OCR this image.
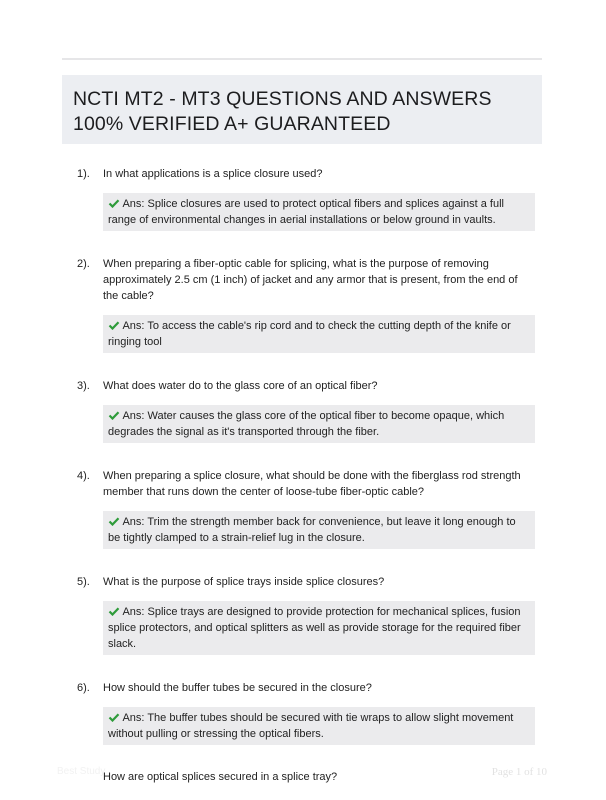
NCTI MT2 - MT3 QUESTIONS AND ANSWERS
100% VERIFIED A+ GUARANTEED
1). In what applications is a splice closure used?
Ans: Splice closures are used to protect optical fibers and splices against a full range of environmental changes in aerial installations or below ground in vaults.
2). When preparing a fiber-optic cable for splicing, what is the purpose of removing approximately 2.5 cm (1 inch) of jacket and any armor that is present, from the end of the cable?
Ans: To access the cable's rip cord and to check the cutting depth of the knife or ringing tool
3). What does water do to the glass core of an optical fiber?
Ans: Water causes the glass core of the optical fiber to become opaque, which degrades the signal as it's transported through the fiber.
4). When preparing a splice closure, what should be done with the fiberglass rod strength member that runs down the center of loose-tube fiber-optic cable?
Ans: Trim the strength member back for convenience, but leave it long enough to be tightly clamped to a strain-relief lug in the closure.
5). What is the purpose of splice trays inside splice closures?
Ans: Splice trays are designed to provide protection for mechanical splices, fusion splice protectors, and optical splitters as well as provide storage for the required fiber slack.
6). How should the buffer tubes be secured in the closure?
Ans: The buffer tubes should be secured with tie wraps to allow slight movement without pulling or stressing the optical fibers.
How are optical splices secured in a splice tray?
Best Study	Page 1 of 10
